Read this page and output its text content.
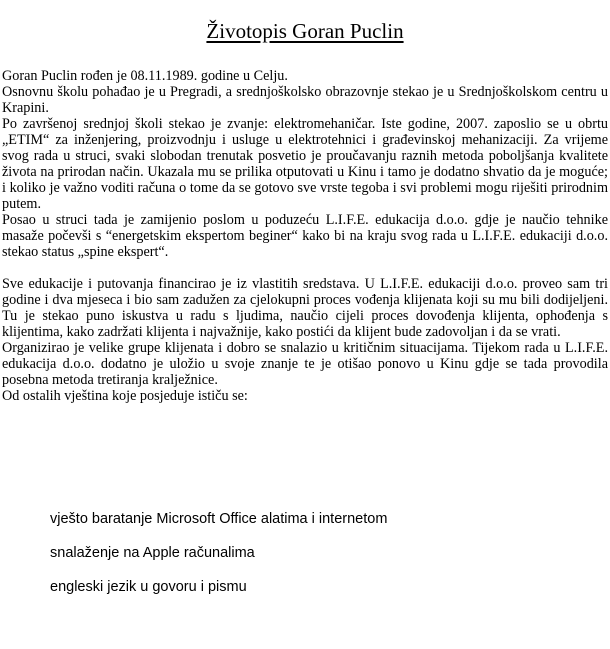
Životopis Goran Puclin

Goran Puclin rođen je 08.11.1989. godine u Celju.

Osnovnu školu pohađao je u Pregradi, a srednjoškolsko obrazovnje stekao je u Srednjoškolskom centru u Krapini.

Po završenoj srednjoj školi stekao je zvanje: elektromehaničar. Iste godine, 2007. zaposlio se u obrtu „ETIM“ za inženjering, proizvodnju i usluge u elektrotehnici i građevinskoj mehanizaciji. Za vrijeme svog rada u struci, svaki slobodan trenutak posvetio je proučavanju raznih metoda poboljšanja kvalitete života na prirodan način. Ukazala mu se prilika otputovati u Kinu i tamo je dodatno shvatio da je moguće; i koliko je važno voditi računa o tome da se gotovo sve vrste tegoba i svi problemi mogu riješiti prirodnim putem.

Posao u struci tada je zamijenio poslom u poduzeću L.I.F.E. edukacija d.o.o. gdje je naučio tehnike masaže počevši s “energetskim ekspertom beginer“ kako bi na kraju svog rada u L.I.F.E. edukaciji d.o.o. stekao status „spine ekspert“.

Sve edukacije i putovanja financirao je iz vlastitih sredstava. U L.I.F.E. edukaciji d.o.o. proveo sam tri godine i dva mjeseca i bio sam zadužen za cjelokupni proces vođenja klijenata koji su mu bili dodijeljeni. Tu je stekao puno iskustva u radu s ljudima, naučio cijeli proces dovođenja klijenta, ophođenja s klijentima, kako zadržati klijenta i najvažnije, kako postići da klijent bude zadovoljan i da se vrati.

Organizirao je velike grupe klijenata i dobro se snalazio u kritičnim situacijama. Tijekom rada u L.I.F.E. edukacija d.o.o. dodatno je uložio u svoje znanje te je otišao ponovo u Kinu gdje se tada provodila posebna metoda tretiranja kralježnice.

Od ostalih vještina koje posjeduje ističu se:

vješto baratanje Microsoft Office alatima i internetom
snalaženje na Apple računalima
engleski jezik u govoru i pismu
